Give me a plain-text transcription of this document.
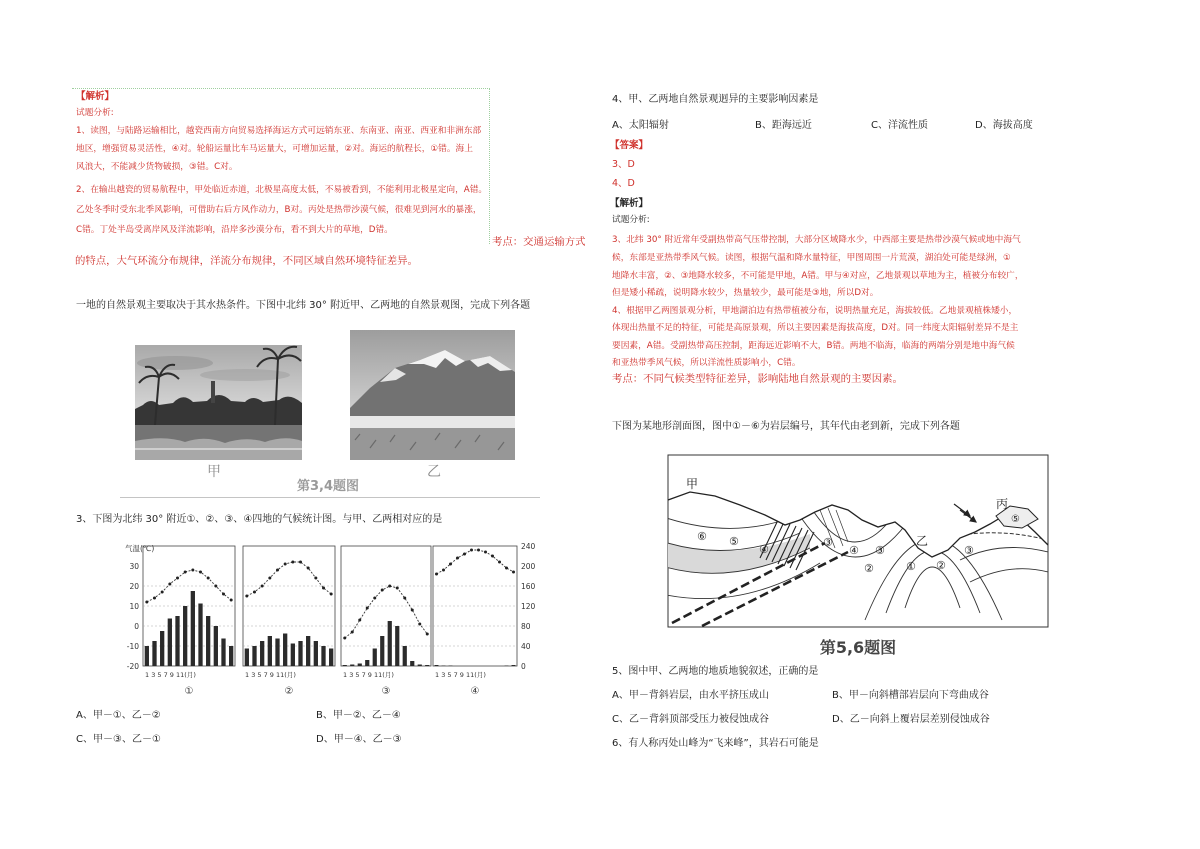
【解析】
试题分析:
1、读图，与陆路运输相比，越瓷西南方向贸易选择海运方式可远销东亚、东南亚、南亚、西亚和非洲东部
地区，增强贸易灵活性，④对。轮船运量比车马运量大，可增加运量，②对。海运的航程长，①错。海上
风浪大，不能减少货物破损，③错。C对。
2、在输出越瓷的贸易航程中，甲处临近赤道，北极星高度太低，不易被看到，不能利用北极星定向，A错。
乙处冬季时受东北季风影响，可借助右后方风作动力，B对。丙处是热带沙漠气候，很难见到河水的暴涨，
C错。丁处半岛受离岸风及洋流影响，沿岸多沙漠分布，看不到大片的草地，D错。
考点：交通运输方式
的特点，大气环流分布规律，洋流分布规律，不同区域自然环境特征差异。
一地的自然景观主要取决于其水热条件。下图中北纬 30° 附近甲、乙两地的自然景观图，完成下列各题
甲	乙
第3,4题图
3、下图为北纬 30° 附近①、②、③、④四地的气候统计图。与甲、乙两相对应的是
气温(℃)
30
20
10
0
-10
-20
240
200
160
120
80
40
0
1 3 5 7 9 11(月)
①
1 3 5 7 9 11(月)
②
1 3 5 7 9 11(月)
③
1 3 5 7 9 11(月)
④
A、甲－①、乙－②	B、甲－②、乙－④
C、甲－③、乙－①	D、甲－④、乙－③
4、甲、乙两地自然景观迥异的主要影响因素是
A、太阳辐射	B、距海远近	C、洋流性质	D、海拔高度
【答案】
3、D
4、D
【解析】
试题分析:
3、北纬 30° 附近常年受副热带高气压带控制，大部分区域降水少，中西部主要是热带沙漠气候或地中海气
候，东部是亚热带季风气候。读图，根据气温和降水量特征，甲图周围一片荒漠，湖泊处可能是绿洲，①
地降水丰富，②、③地降水较多，不可能是甲地，A错。甲与④对应，乙地景观以草地为主，植被分布较广，
但是矮小稀疏，说明降水较少，热量较少，最可能是③地，所以D对。
4、根据甲乙两图景观分析，甲地湖泊边有热带植被分布，说明热量充足，海拔较低。乙地景观植株矮小，
体现出热量不足的特征，可能是高原景观，所以主要因素是海拔高度，D对。同一纬度太阳辐射差异不是主
要因素，A错。受副热带高压控制，距海远近影响不大，B错。两地不临海，临海的两端分别是地中海气候
和亚热带季风气候，所以洋流性质影响小，C错。
考点：不同气候类型特征差异，影响陆地自然景观的主要因素。
下图为某地形剖面图，图中①－⑥为岩层编号，其年代由老到新，完成下列各题
甲
乙
丙
⑥ ⑤
④
③
④ ③
②	① ②
③
⑤
第5,6题图
5、图中甲、乙两地的地质地貌叙述，正确的是
A、甲－背斜岩层，由水平挤压成山	B、甲－向斜槽部岩层向下弯曲成谷
C、乙－背斜顶部受压力被侵蚀成谷	D、乙－向斜上覆岩层差别侵蚀成谷
6、有人称丙处山峰为“飞来峰”，其岩石可能是
